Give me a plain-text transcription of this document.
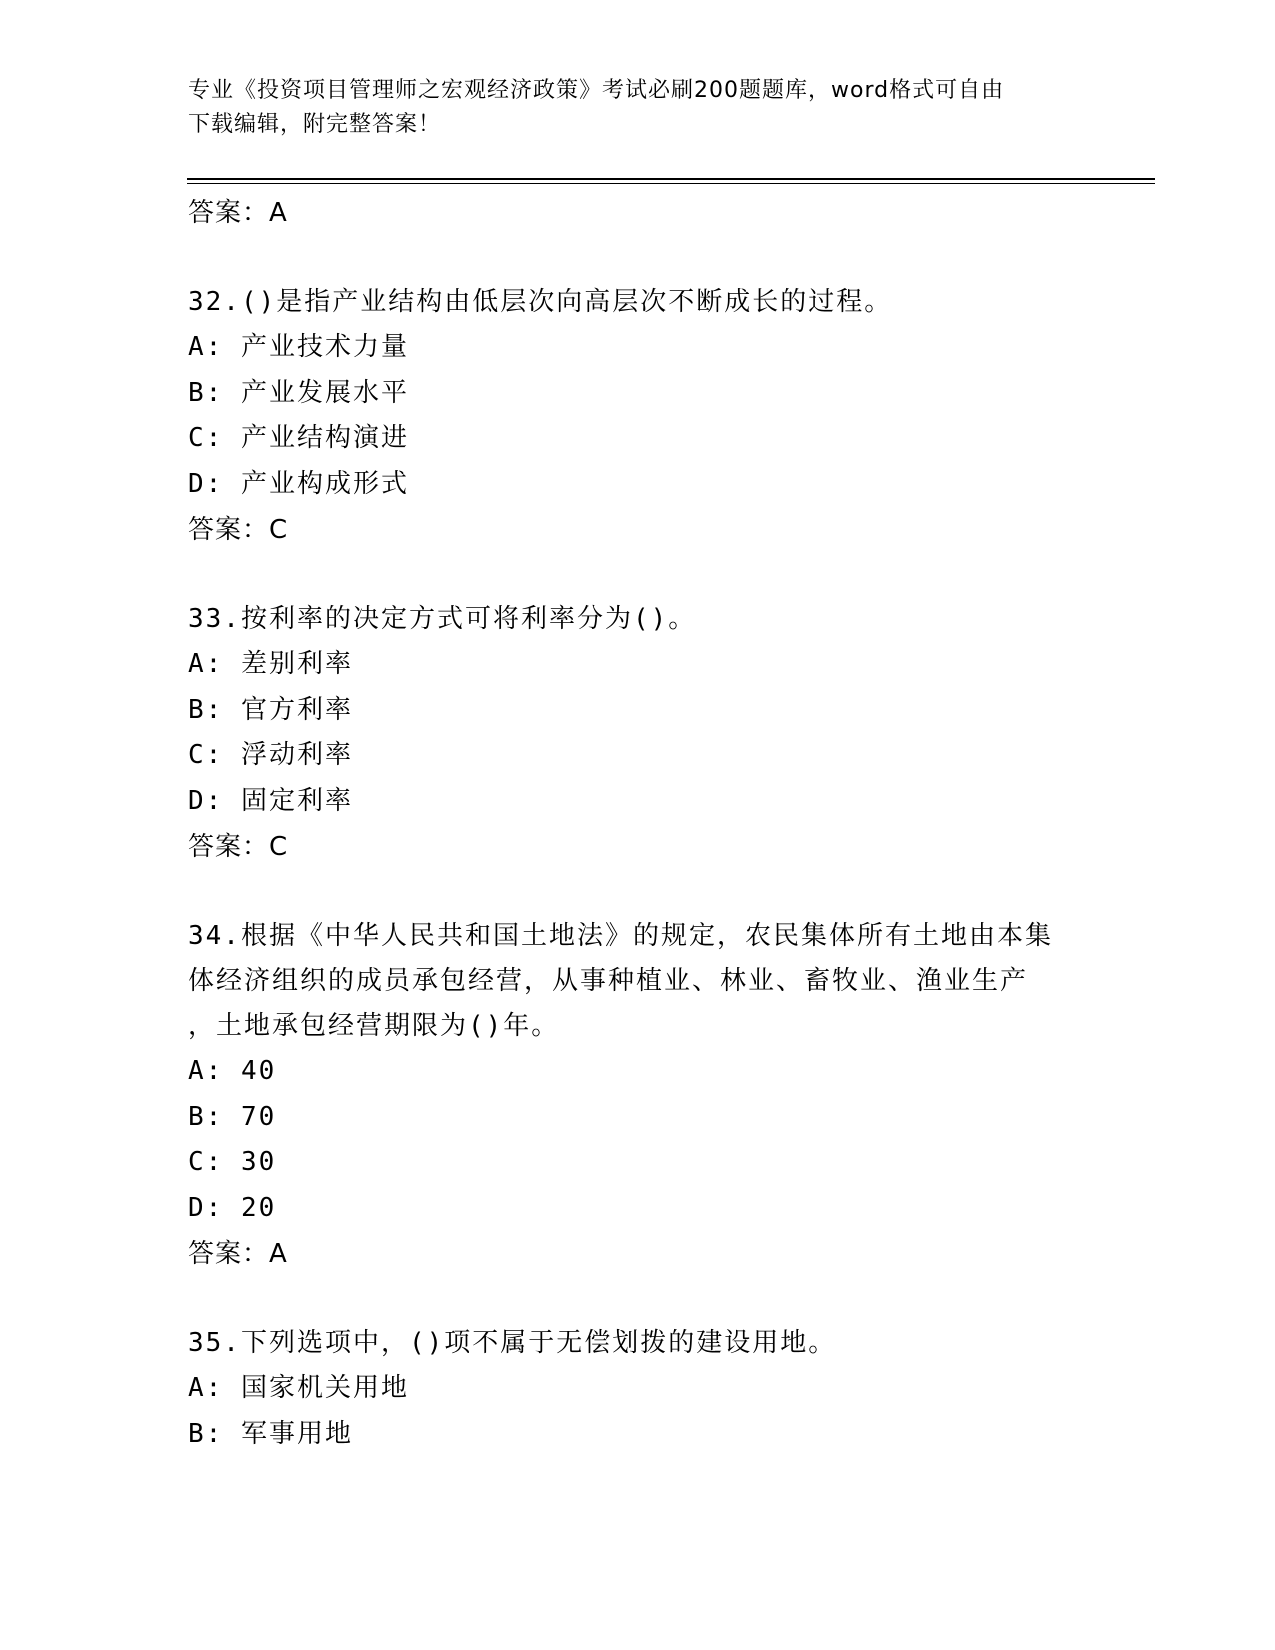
专业《投资项目管理师之宏观经济政策》考试必刷200题题库，word格式可自由
下载编辑，附完整答案！
答案：A
32.()是指产业结构由低层次向高层次不断成长的过程。
A: 产业技术力量
B: 产业发展水平
C: 产业结构演进
D: 产业构成形式
答案：C
33.按利率的决定方式可将利率分为()。
A: 差别利率
B: 官方利率
C: 浮动利率
D: 固定利率
答案：C
34.根据《中华人民共和国土地法》的规定，农民集体所有土地由本集
体经济组织的成员承包经营，从事种植业、林业、畜牧业、渔业生产
，土地承包经营期限为()年。
A: 40
B: 70
C: 30
D: 20
答案：A
35.下列选项中，()项不属于无偿划拨的建设用地。
A: 国家机关用地
B: 军事用地
